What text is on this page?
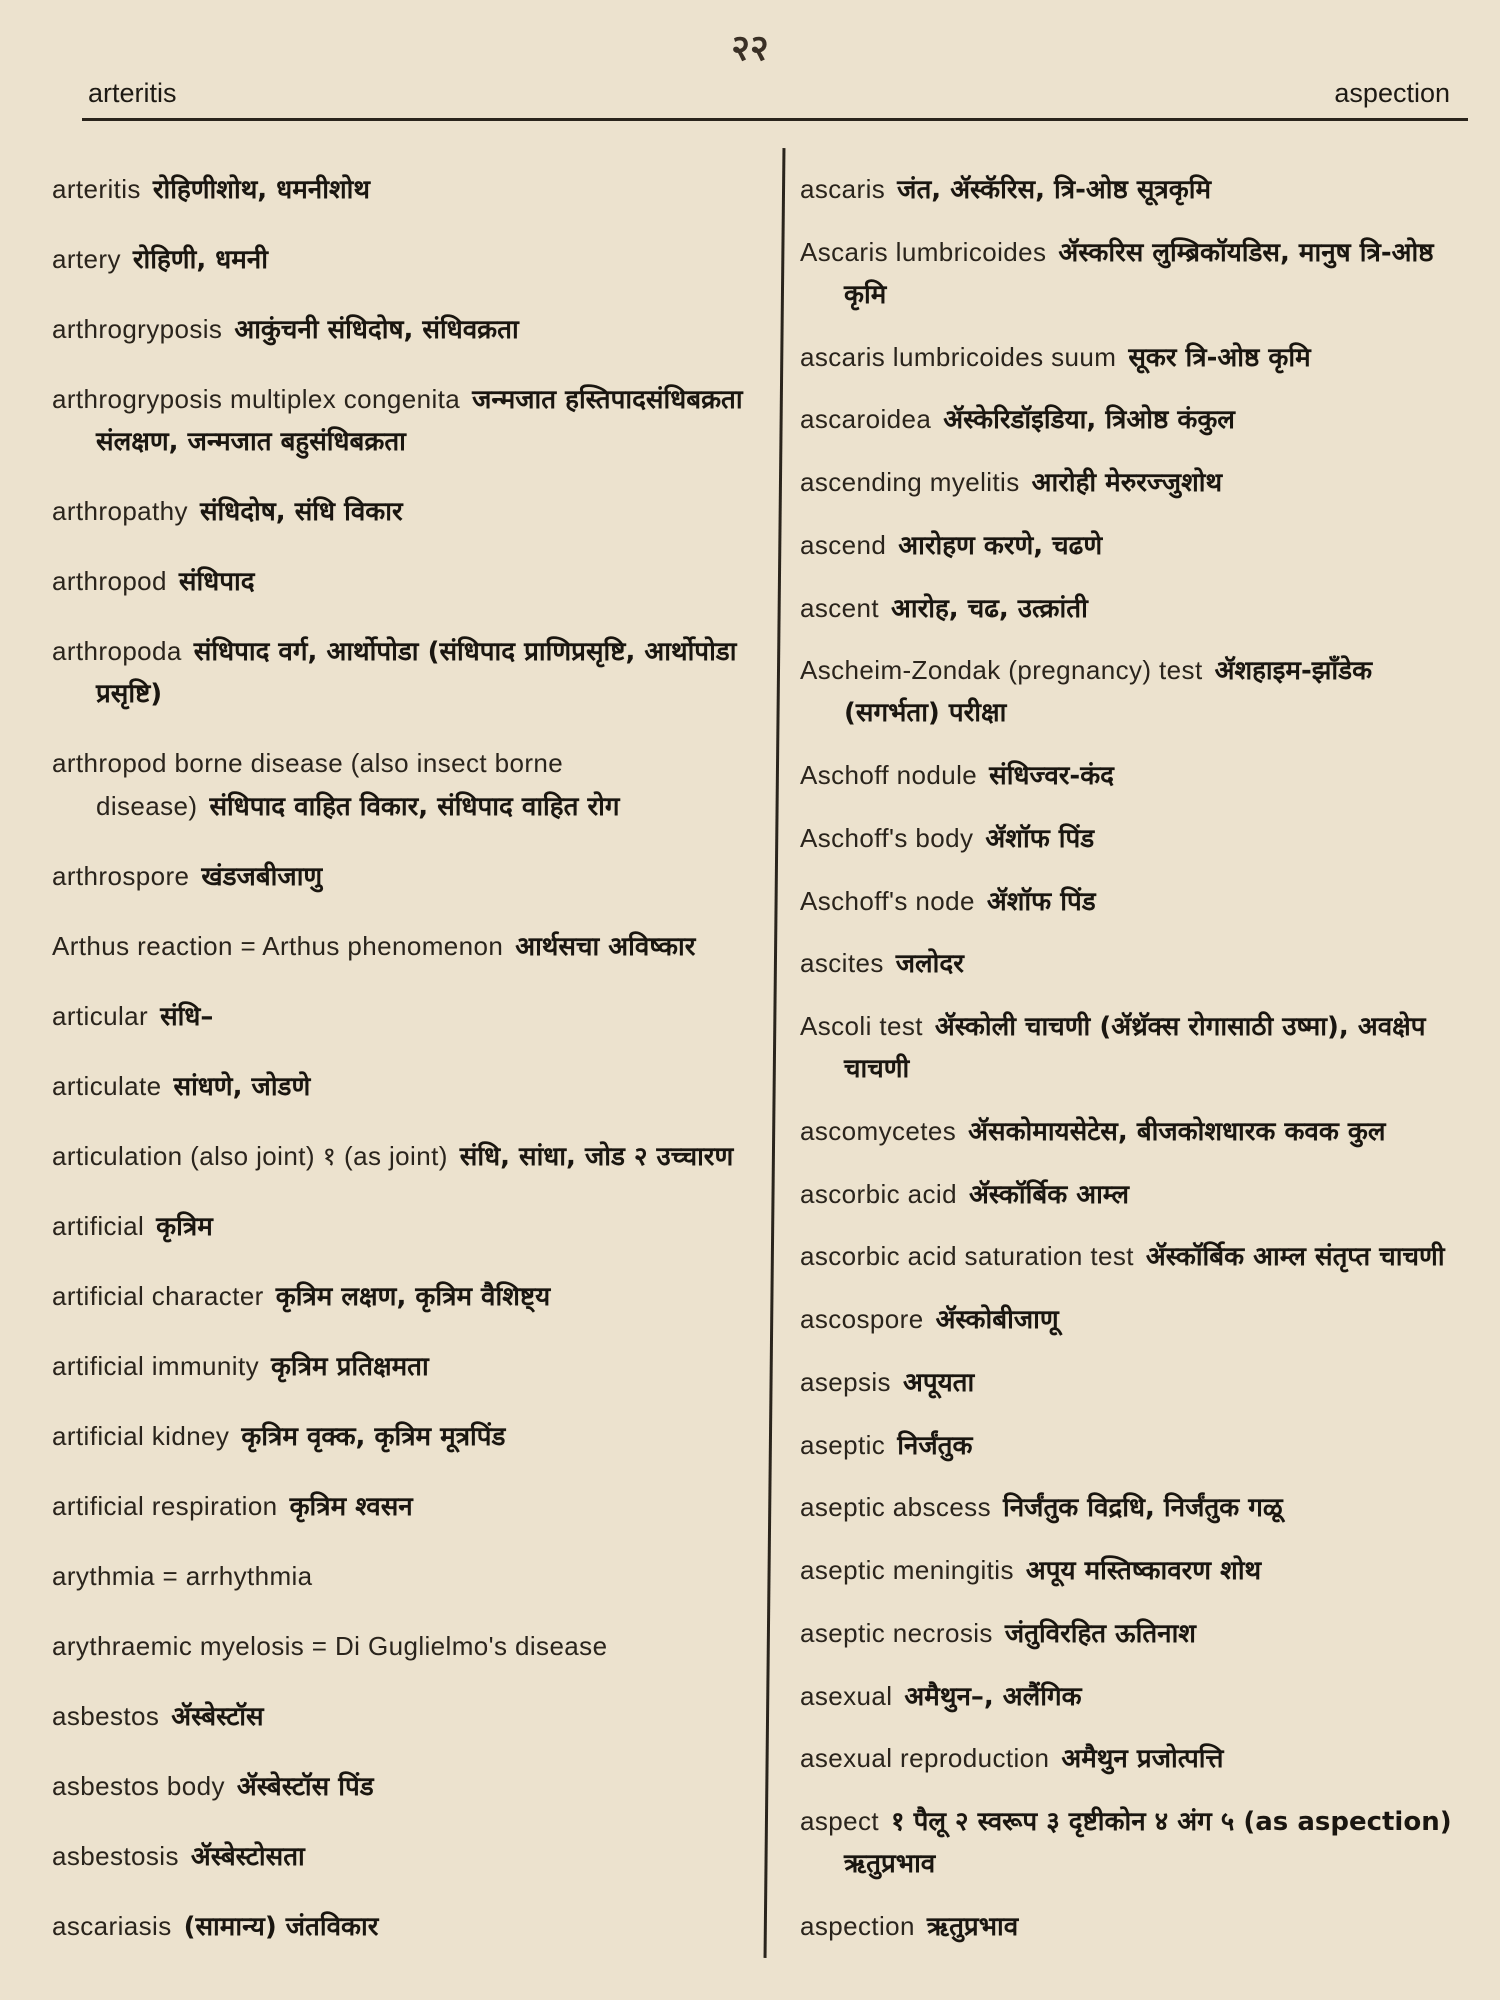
२२
arteritis	aspection
arteritis रोहिणीशोथ, धमनीशोथ
artery रोहिणी, धमनी
arthrogryposis आकुंचनी संधिदोष, संधिवक्रता
arthrogryposis multiplex congenita जन्मजात हस्तिपादसंधिबक्रता संलक्षण, जन्मजात बहुसंधिबक्रता
arthropathy संधिदोष, संधि विकार
arthropod संधिपाद
arthropoda संधिपाद वर्ग, आर्थोपोडा (संधिपाद प्राणिप्रसृष्टि, आर्थोपोडा प्रसृष्टि)
arthropod borne disease (also insect borne disease) संधिपाद वाहित विकार, संधिपाद वाहित रोग
arthrospore खंडजबीजाणु
Arthus reaction = Arthus phenomenon आर्थसचा अविष्कार
articular संधि–
articulate सांधणे, जोडणे
articulation (also joint) १ (as joint) संधि, सांधा, जोड २ उच्चारण
artificial कृत्रिम
artificial character कृत्रिम लक्षण, कृत्रिम वैशिष्ट्य
artificial immunity कृत्रिम प्रतिक्षमता
artificial kidney कृत्रिम वृक्क, कृत्रिम मूत्रपिंड
artificial respiration कृत्रिम श्वसन
arythmia = arrhythmia
arythraemic myelosis = Di Guglielmo's disease
asbestos ॲस्बेस्टॉस
asbestos body ॲस्बेस्टॉस पिंड
asbestosis ॲस्बेस्टोसता
ascariasis (सामान्य) जंतविकार
ascaris जंत, ॲस्कॅरिस, त्रि-ओष्ठ सूत्रकृमि
Ascaris lumbricoides ॲस्करिस लुम्ब्रिकॉयडिस, मानुष त्रि-ओष्ठ कृमि
ascaris lumbricoides suum सूकर त्रि-ओष्ठ कृमि
ascaroidea ॲस्केरिडॉइडिया, त्रिओष्ठ कंकुल
ascending myelitis आरोही मेरुरज्जुशोथ
ascend आरोहण करणे, चढणे
ascent आरोह, चढ, उत्क्रांती
Ascheim-Zondak (pregnancy) test ॲशहाइम-झाँडेक (सगर्भता) परीक्षा
Aschoff nodule संधिज्वर-कंद
Aschoff's body ॲशॉफ पिंड
Aschoff's node ॲशॉफ पिंड
ascites जलोदर
Ascoli test ॲस्कोली चाचणी (ॲथ्रॅक्स रोगासाठी उष्मा), अवक्षेप चाचणी
ascomycetes ॲसकोमायसेटेस, बीजकोशधारक कवक कुल
ascorbic acid ॲस्कॉर्बिक आम्ल
ascorbic acid saturation test ॲस्कॉर्बिक आम्ल संतृप्त चाचणी
ascospore ॲस्कोबीजाणू
asepsis अपूयता
aseptic निर्जंतुक
aseptic abscess निर्जंतुक विद्रधि, निर्जंतुक गळू
aseptic meningitis अपूय मस्तिष्कावरण शोथ
aseptic necrosis जंतुविरहित ऊतिनाश
asexual अमैथुन–, अलैंगिक
asexual reproduction अमैथुन प्रजोत्पत्ति
aspect १ पैलू २ स्वरूप ३ दृष्टीकोन ४ अंग ५ (as aspection) ऋतुप्रभाव
aspection ऋतुप्रभाव
